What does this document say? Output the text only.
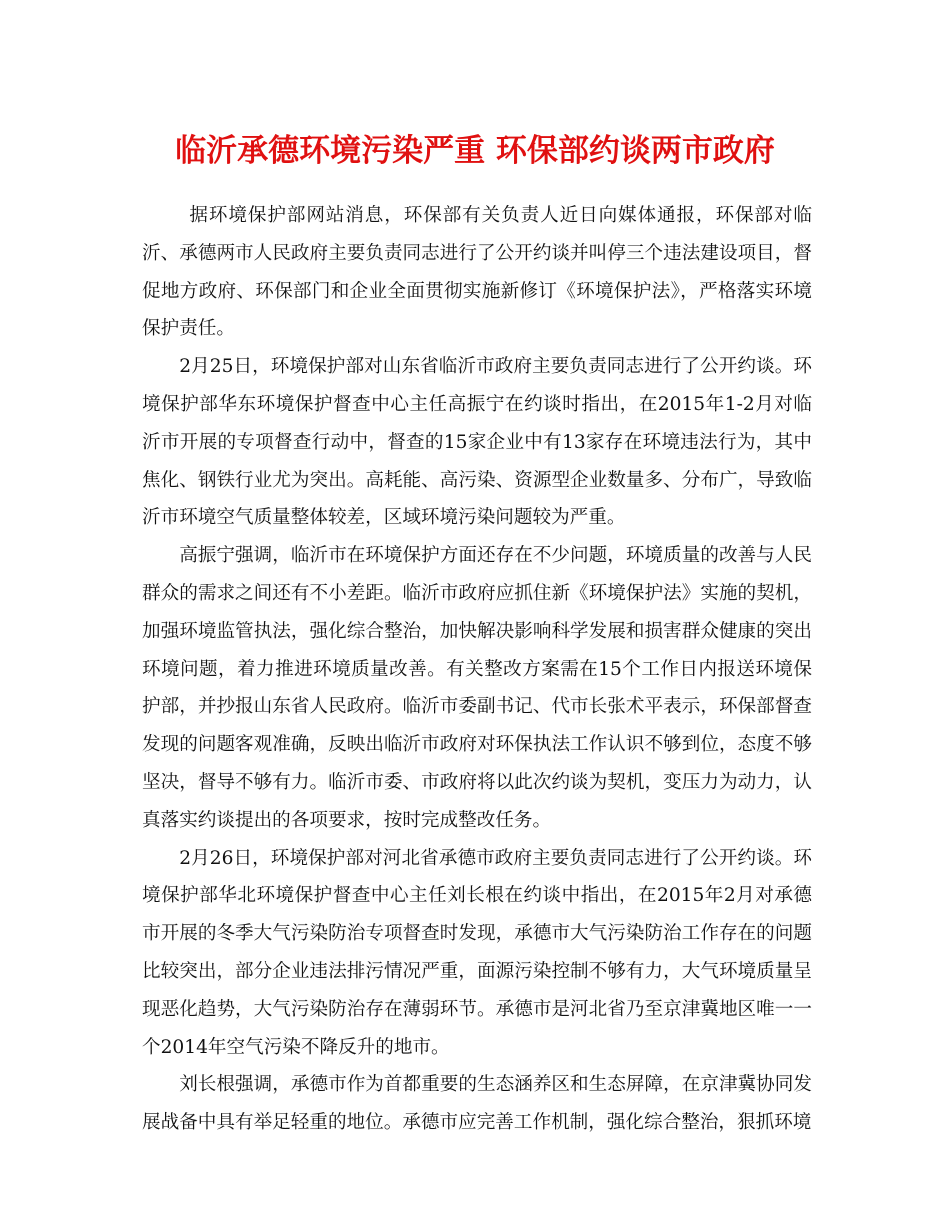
临沂承德环境污染严重 环保部约谈两市政府

据环境保护部网站消息，环保部有关负责人近日向媒体通报，环保部对临沂、承德两市人民政府主要负责同志进行了公开约谈并叫停三个违法建设项目，督促地方政府、环保部门和企业全面贯彻实施新修订《环境保护法》，严格落实环境保护责任。

2月25日，环境保护部对山东省临沂市政府主要负责同志进行了公开约谈。环境保护部华东环境保护督查中心主任高振宁在约谈时指出，在2015年1-2月对临沂市开展的专项督查行动中，督查的15家企业中有13家存在环境违法行为，其中焦化、钢铁行业尤为突出。高耗能、高污染、资源型企业数量多、分布广，导致临沂市环境空气质量整体较差，区域环境污染问题较为严重。

高振宁强调，临沂市在环境保护方面还存在不少问题，环境质量的改善与人民群众的需求之间还有不小差距。临沂市政府应抓住新《环境保护法》实施的契机，加强环境监管执法，强化综合整治，加快解决影响科学发展和损害群众健康的突出环境问题，着力推进环境质量改善。有关整改方案需在15个工作日内报送环境保护部，并抄报山东省人民政府。临沂市委副书记、代市长张术平表示，环保部督查发现的问题客观准确，反映出临沂市政府对环保执法工作认识不够到位，态度不够坚决，督导不够有力。临沂市委、市政府将以此次约谈为契机，变压力为动力，认真落实约谈提出的各项要求，按时完成整改任务。

2月26日，环境保护部对河北省承德市政府主要负责同志进行了公开约谈。环境保护部华北环境保护督查中心主任刘长根在约谈中指出，在2015年2月对承德市开展的冬季大气污染防治专项督查时发现，承德市大气污染防治工作存在的问题比较突出，部分企业违法排污情况严重，面源污染控制不够有力，大气环境质量呈现恶化趋势，大气污染防治存在薄弱环节。承德市是河北省乃至京津冀地区唯一一个2014年空气污染不降反升的地市。

刘长根强调，承德市作为首都重要的生态涵养区和生态屏障，在京津冀协同发展战备中具有举足轻重的地位。承德市应完善工作机制，强化综合整治，狠抓环境
